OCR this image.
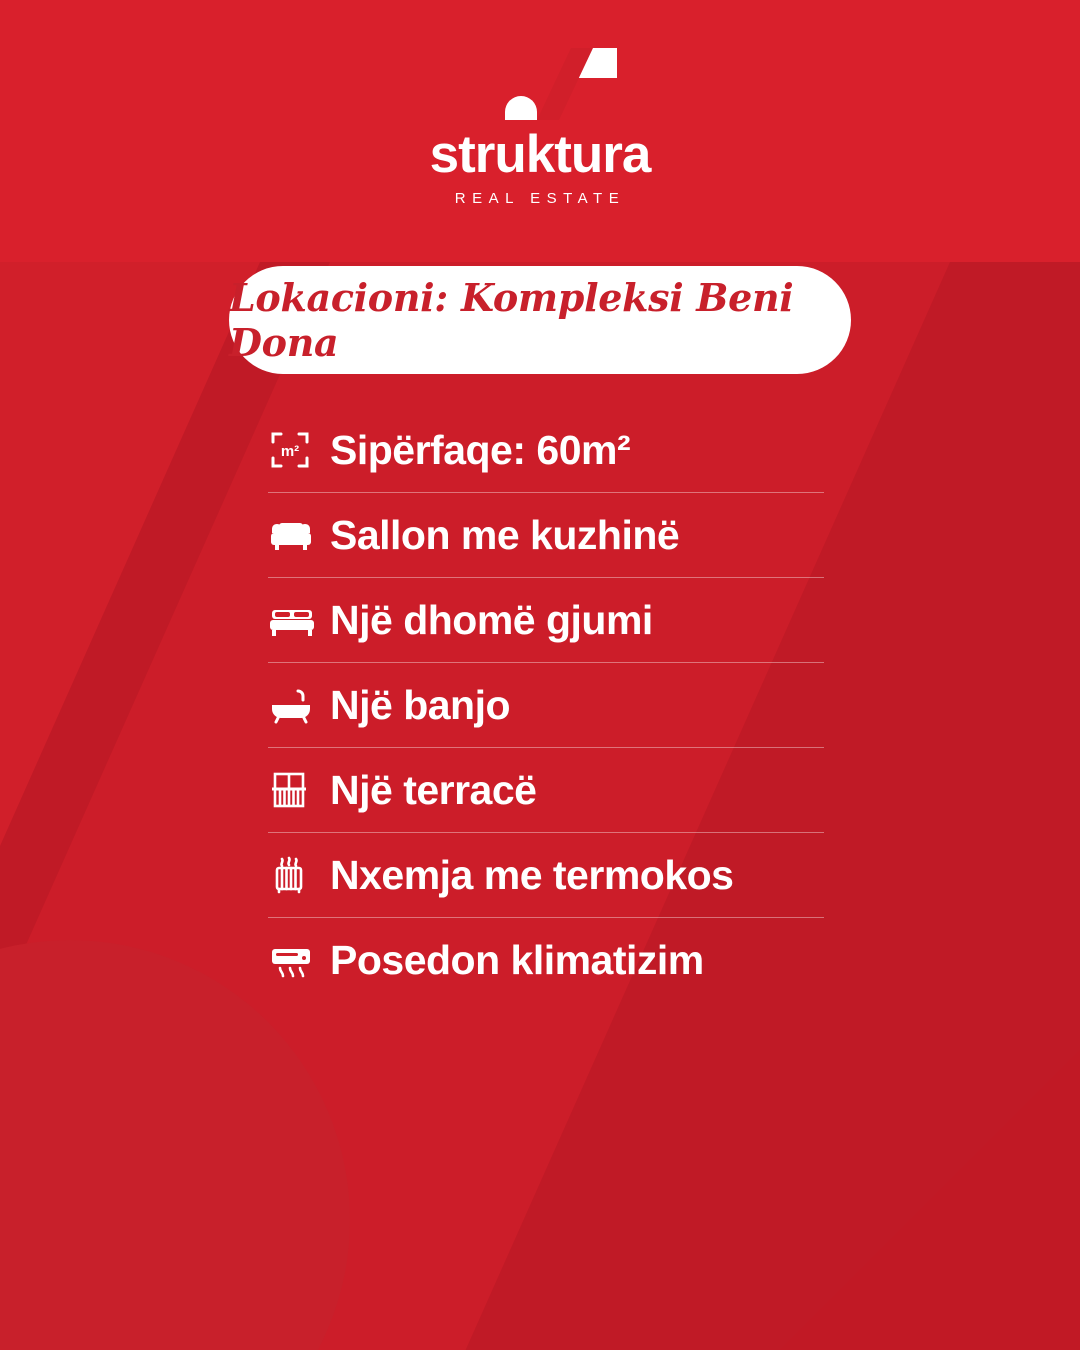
struktura
REAL ESTATE
Lokacioni: Kompleksi Beni Dona
m² Sipërfaqe: 60m²
Sallon me kuzhinë
Një dhomë gjumi
Një banjo
Një terracë
Nxemja me termokos
Posedon klimatizim
